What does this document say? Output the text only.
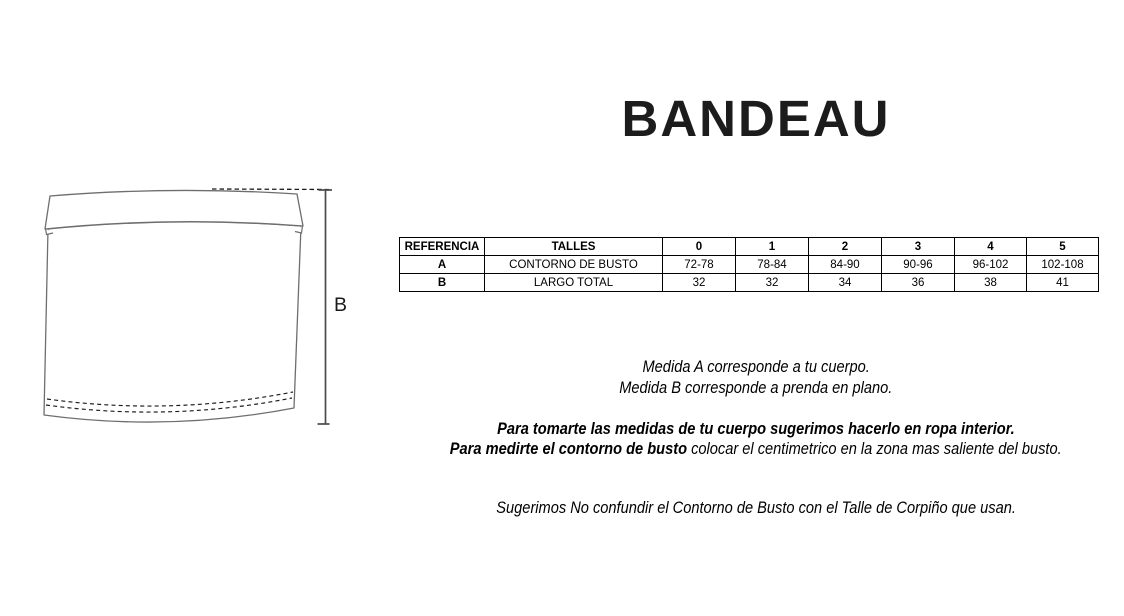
B
BANDEAU
REFERENCIA	TALLES	0	1	2	3	4	5
A	CONTORNO DE BUSTO	72-78	78-84	84-90	90-96	96-102	102-108
B	LARGO TOTAL	32	32	34	36	38	41
Medida A corresponde a tu cuerpo.
Medida B corresponde a prenda en plano.
Para tomarte las medidas de tu cuerpo sugerimos hacerlo en ropa interior.
Para medirte el contorno de busto colocar el centimetrico en la zona mas saliente del busto.
Sugerimos No confundir el Contorno de Busto con el Talle de Corpiño que usan.
